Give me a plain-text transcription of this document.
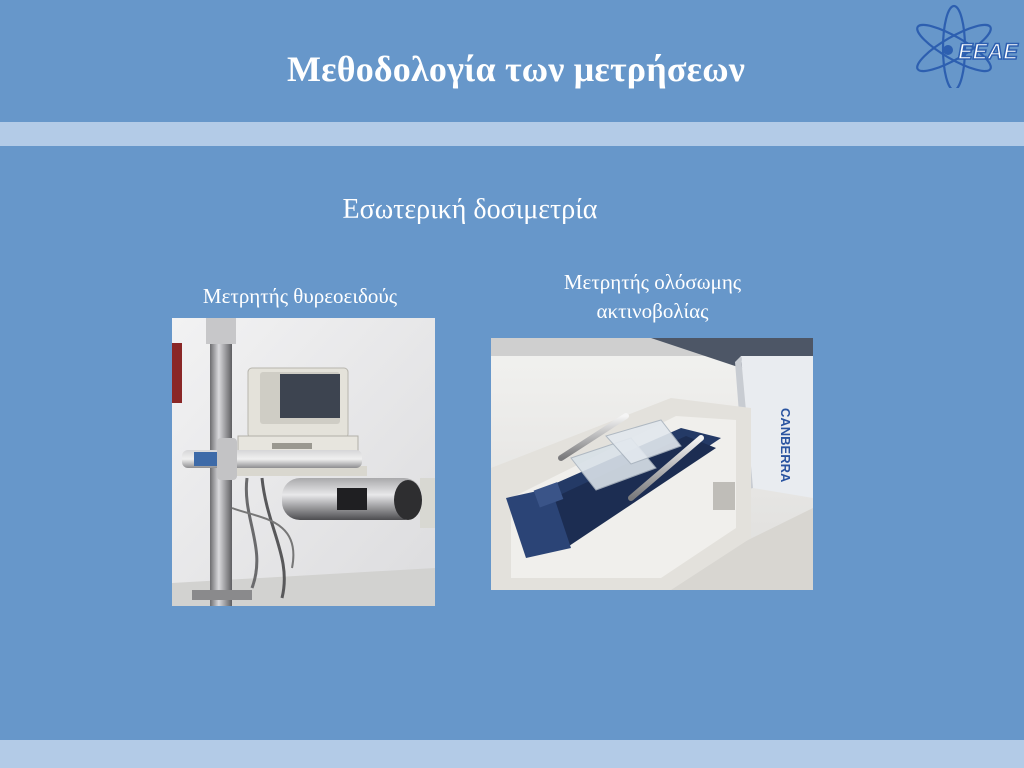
Μεθοδολογία των μετρήσεων	ΕΕΑΕ
Εσωτερική δοσιμετρία
Μετρητής θυρεοειδούς
Μετρητής ολόσωμης
ακτινοβολίας
CANBERRA
